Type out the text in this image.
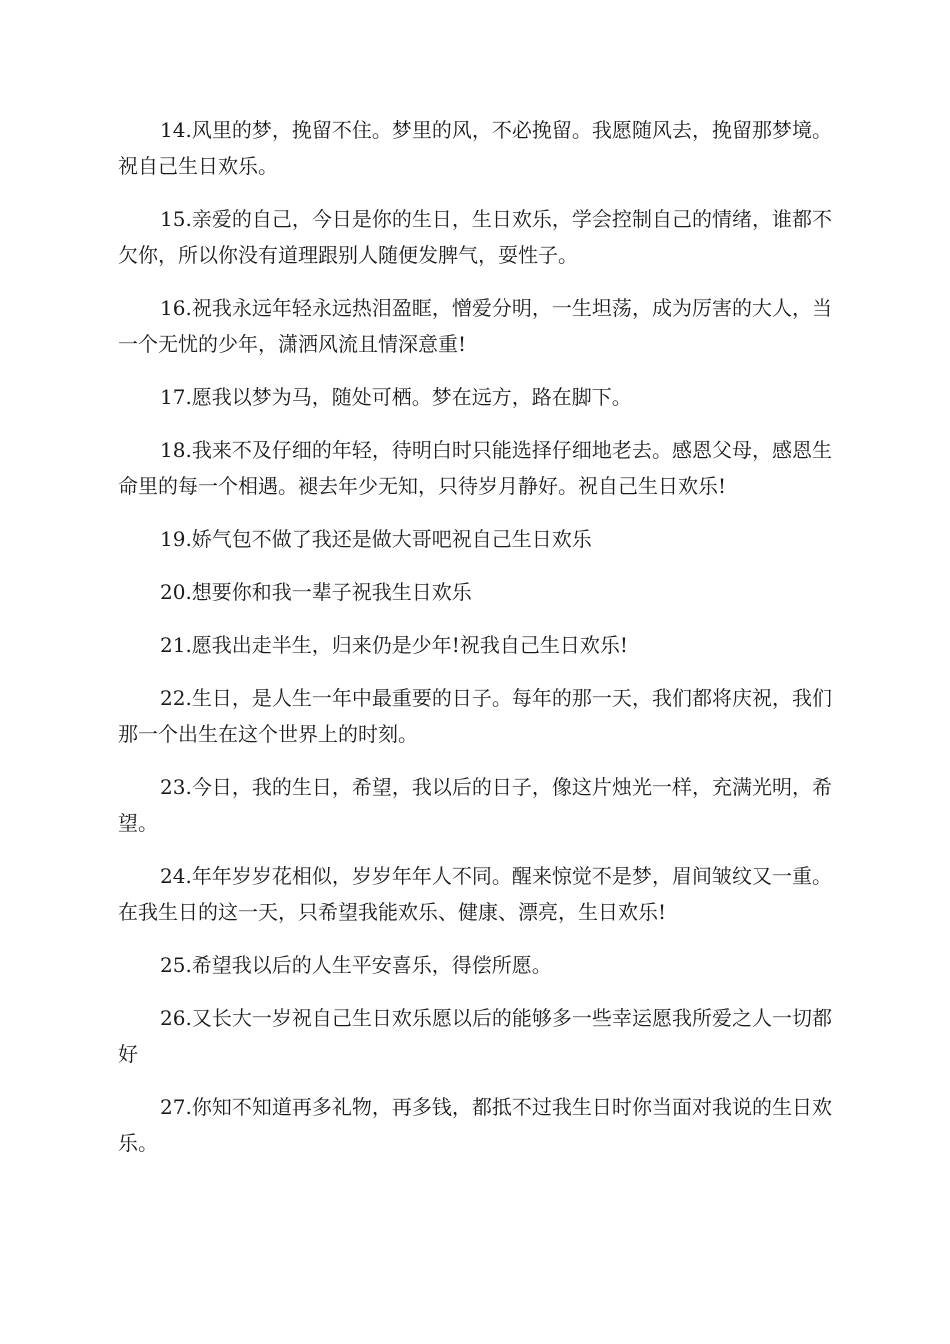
14.风里的梦，挽留不住。梦里的风，不必挽留。我愿随风去，挽留那梦境。祝自己生日欢乐。

15.亲爱的自己，今日是你的生日，生日欢乐，学会控制自己的情绪，谁都不欠你，所以你没有道理跟别人随便发脾气，耍性子。

16.祝我永远年轻永远热泪盈眶，憎爱分明，一生坦荡，成为厉害的大人，当一个无忧的少年，潇洒风流且情深意重!

17.愿我以梦为马，随处可栖。梦在远方，路在脚下。

18.我来不及仔细的年轻，待明白时只能选择仔细地老去。感恩父母，感恩生命里的每一个相遇。褪去年少无知，只待岁月静好。祝自己生日欢乐!

19.娇气包不做了我还是做大哥吧祝自己生日欢乐

20.想要你和我一辈子祝我生日欢乐

21.愿我出走半生，归来仍是少年!祝我自己生日欢乐!

22.生日，是人生一年中最重要的日子。每年的那一天，我们都将庆祝，我们那一个出生在这个世界上的时刻。

23.今日，我的生日，希望，我以后的日子，像这片烛光一样，充满光明，希望。

24.年年岁岁花相似，岁岁年年人不同。醒来惊觉不是梦，眉间皱纹又一重。在我生日的这一天，只希望我能欢乐、健康、漂亮，生日欢乐!

25.希望我以后的人生平安喜乐，得偿所愿。

26.又长大一岁祝自己生日欢乐愿以后的能够多一些幸运愿我所爱之人一切都好

27.你知不知道再多礼物，再多钱，都抵不过我生日时你当面对我说的生日欢乐。
